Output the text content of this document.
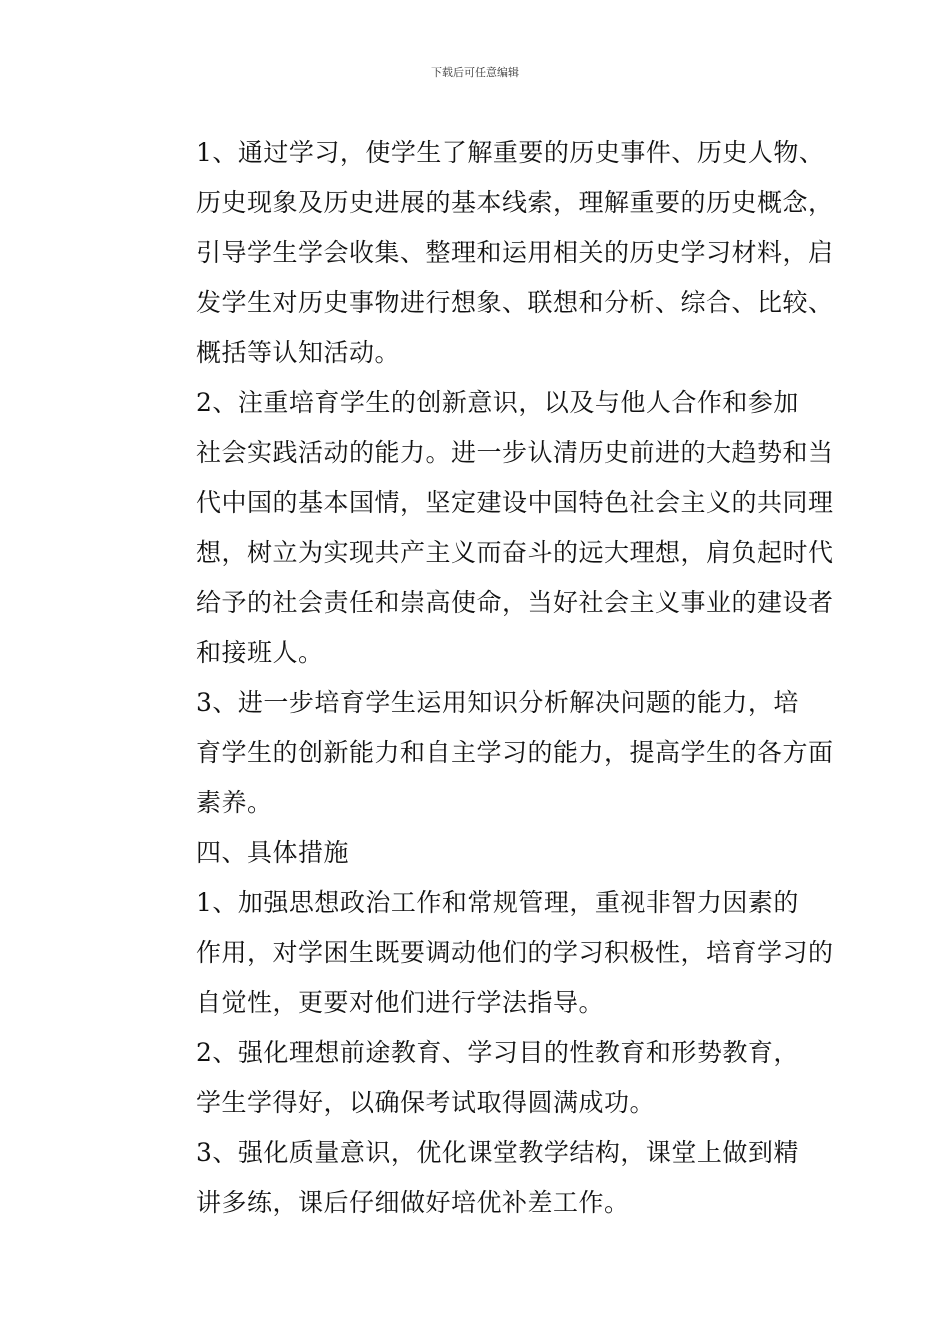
下载后可任意编辑

1、通过学习，使学生了解重要的历史事件、历史人物、
历史现象及历史进展的基本线索，理解重要的历史概念，
引导学生学会收集、整理和运用相关的历史学习材料，启
发学生对历史事物进行想象、联想和分析、综合、比较、
概括等认知活动。

2、注重培育学生的创新意识，以及与他人合作和参加
社会实践活动的能力。进一步认清历史前进的大趋势和当
代中国的基本国情，坚定建设中国特色社会主义的共同理
想，树立为实现共产主义而奋斗的远大理想，肩负起时代
给予的社会责任和崇高使命，当好社会主义事业的建设者
和接班人。

3、进一步培育学生运用知识分析解决问题的能力，培
育学生的创新能力和自主学习的能力，提高学生的各方面
素养。

四、具体措施

1、加强思想政治工作和常规管理，重视非智力因素的
作用，对学困生既要调动他们的学习积极性，培育学习的
自觉性，更要对他们进行学法指导。

2、强化理想前途教育、学习目的性教育和形势教育，
学生学得好，以确保考试取得圆满成功。

3、强化质量意识，优化课堂教学结构，课堂上做到精
讲多练，课后仔细做好培优补差工作。
